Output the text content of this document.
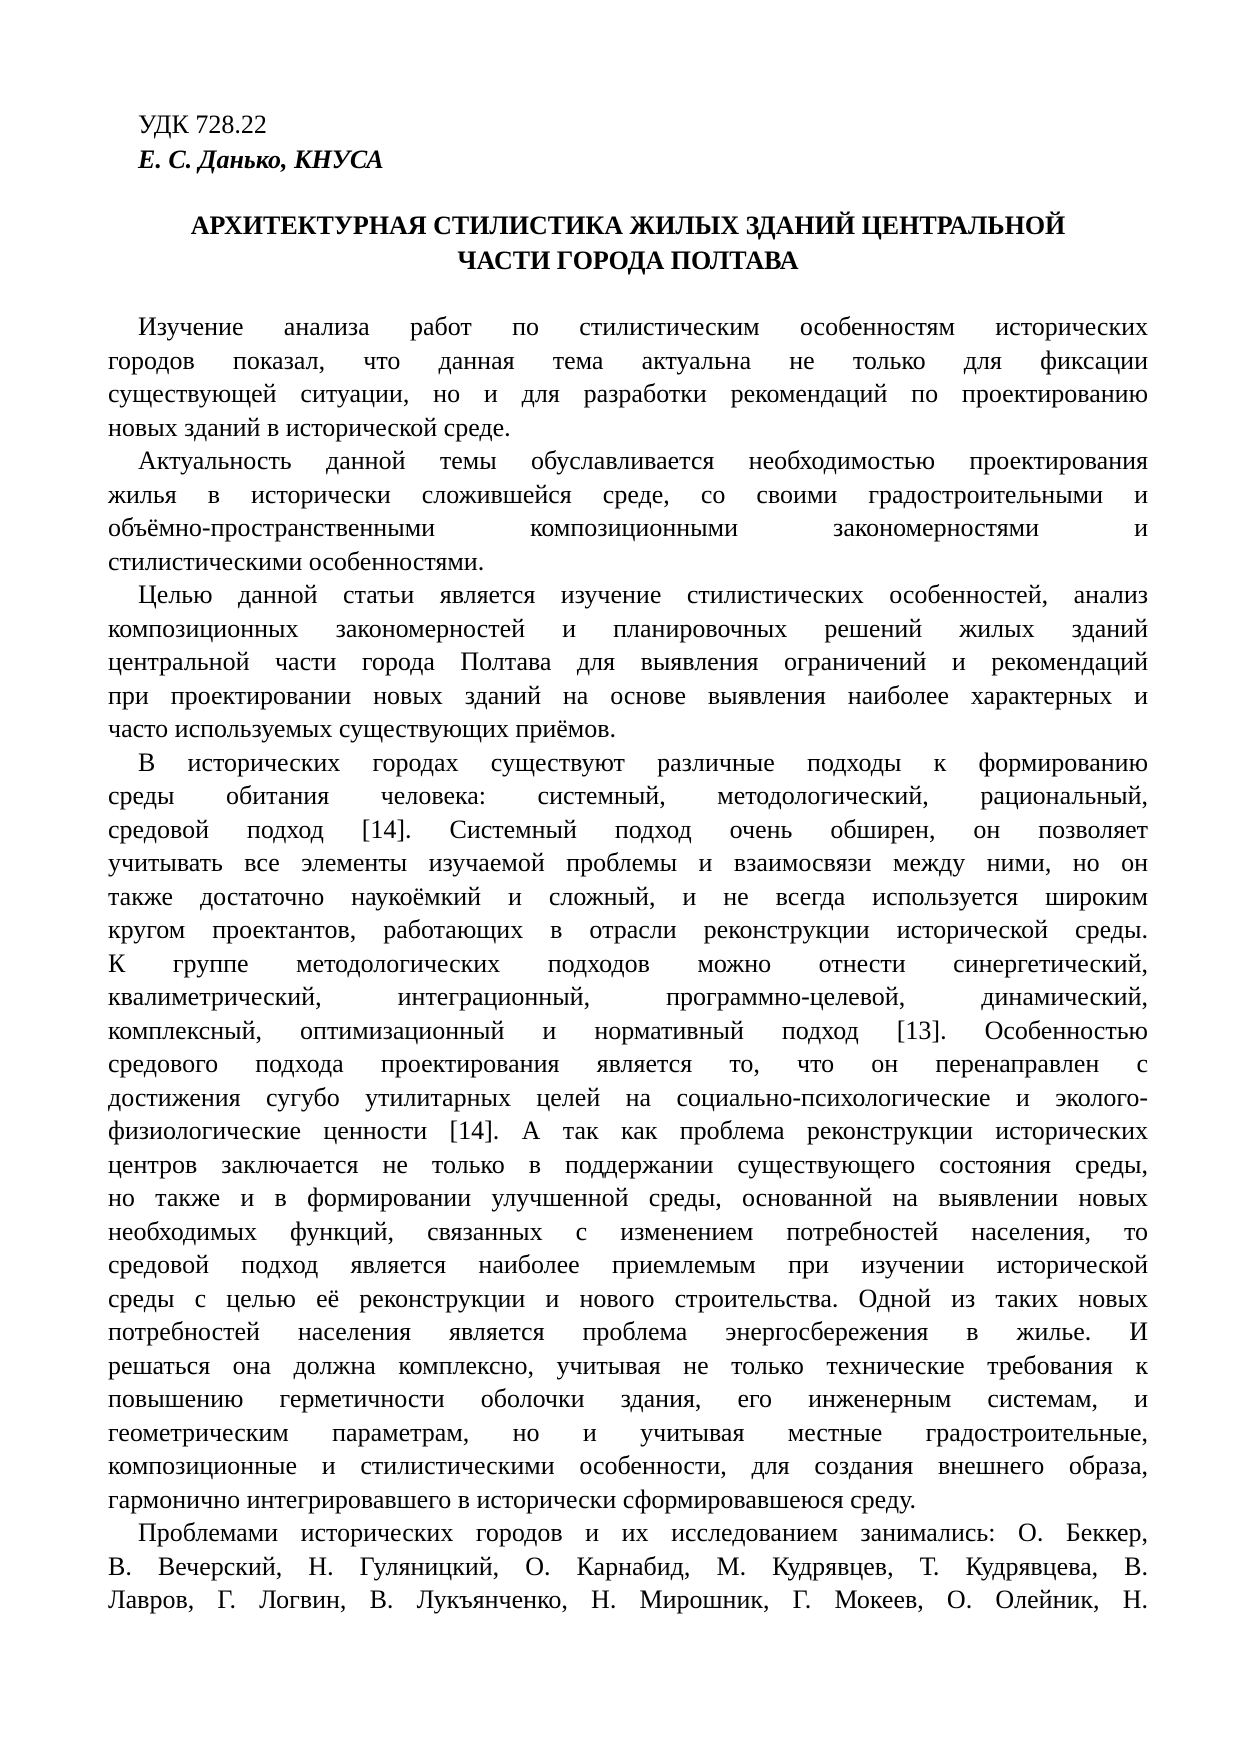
УДК 728.22
Е. С. Данько, КНУСА
АРХИТЕКТУРНАЯ СТИЛИСТИКА ЖИЛЫХ ЗДАНИЙ ЦЕНТРАЛЬНОЙ
ЧАСТИ ГОРОДА ПОЛТАВА
Изучение анализа работ по стилистическим особенностям исторических
городов показал, что данная тема актуальна не только для фиксации
существующей ситуации, но и для разработки рекомендаций по проектированию
новых зданий в исторической среде.
Актуальность данной темы обуславливается необходимостью проектирования
жилья в исторически сложившейся среде, со своими градостроительными и
объёмно-пространственными композиционными закономерностями и
стилистическими особенностями.
Целью данной статьи является изучение стилистических особенностей, анализ
композиционных закономерностей и планировочных решений жилых зданий
центральной части города Полтава для выявления ограничений и рекомендаций
при проектировании новых зданий на основе выявления наиболее характерных и
часто используемых существующих приёмов.
В исторических городах существуют различные подходы к формированию
среды обитания человека: системный, методологический, рациональный,
средовой подход [14]. Системный подход очень обширен, он позволяет
учитывать все элементы изучаемой проблемы и взаимосвязи между ними, но он
также достаточно наукоёмкий и сложный, и не всегда используется широким
кругом проектантов, работающих в отрасли реконструкции исторической среды.
К группе методологических подходов можно отнести синергетический,
квалиметрический, интеграционный, программно-целевой, динамический,
комплексный, оптимизационный и нормативный подход [13]. Особенностью
средового подхода проектирования является то, что он перенаправлен с
достижения сугубо утилитарных целей на социально-психологические и эколого-
физиологические ценности [14]. А так как проблема реконструкции исторических
центров заключается не только в поддержании существующего состояния среды,
но также и в формировании улучшенной среды, основанной на выявлении новых
необходимых функций, связанных с изменением потребностей населения, то
средовой подход является наиболее приемлемым при изучении исторической
среды с целью её реконструкции и нового строительства. Одной из таких новых
потребностей населения является проблема энергосбережения в жилье. И
решаться она должна комплексно, учитывая не только технические требования к
повышению герметичности оболочки здания, его инженерным системам, и
геометрическим параметрам, но и учитывая местные градостроительные,
композиционные и стилистическими особенности, для создания внешнего образа,
гармонично интегрировавшего в исторически сформировавшеюся среду.
Проблемами исторических городов и их исследованием занимались: О. Беккер,
В. Вечерский, Н. Гуляницкий, О. Карнабид, М. Кудрявцев, Т. Кудрявцева, В.
Лавров, Г. Логвин, В. Лукъянченко, Н. Мирошник, Г. Мокеев, О. Олейник, Н.
